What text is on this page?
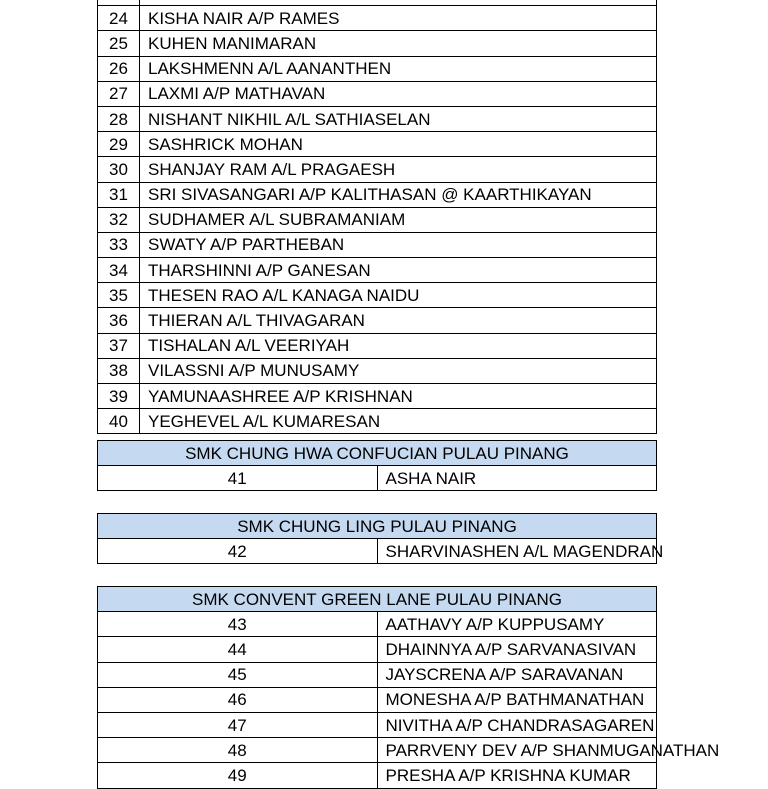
24	KISHA NAIR A/P RAMES
25	KUHEN MANIMARAN
26	LAKSHMENN A/L AANANTHEN
27	LAXMI A/P MATHAVAN
28	NISHANT NIKHIL A/L SATHIASELAN
29	SASHRICK MOHAN
30	SHANJAY RAM A/L PRAGAESH
31	SRI SIVASANGARI A/P KALITHASAN @ KAARTHIKAYAN
32	SUDHAMER A/L SUBRAMANIAM
33	SWATY A/P PARTHEBAN
34	THARSHINNI A/P GANESAN
35	THESEN RAO A/L KANAGA NAIDU
36	THIERAN A/L THIVAGARAN
37	TISHALAN A/L VEERIYAH
38	VILASSNI A/P MUNUSAMY
39	YAMUNAASHREE A/P KRISHNAN
40	YEGHEVEL A/L KUMARESAN
SMK CHUNG HWA CONFUCIAN PULAU PINANG
41	ASHA NAIR
SMK CHUNG LING PULAU PINANG
42	SHARVINASHEN A/L MAGENDRAN
SMK CONVENT GREEN LANE PULAU PINANG	
43	AATHAVY A/P KUPPUSAMY
44	DHAINNYA A/P SARVANASIVAN
45	JAYSCRENA A/P SARAVANAN
46	MONESHA A/P BATHMANATHAN
47	NIVITHA A/P CHANDRASAGAREN
48	PARRVENY DEV A/P SHANMUGANATHAN
49	PRESHA A/P KRISHNA KUMAR
